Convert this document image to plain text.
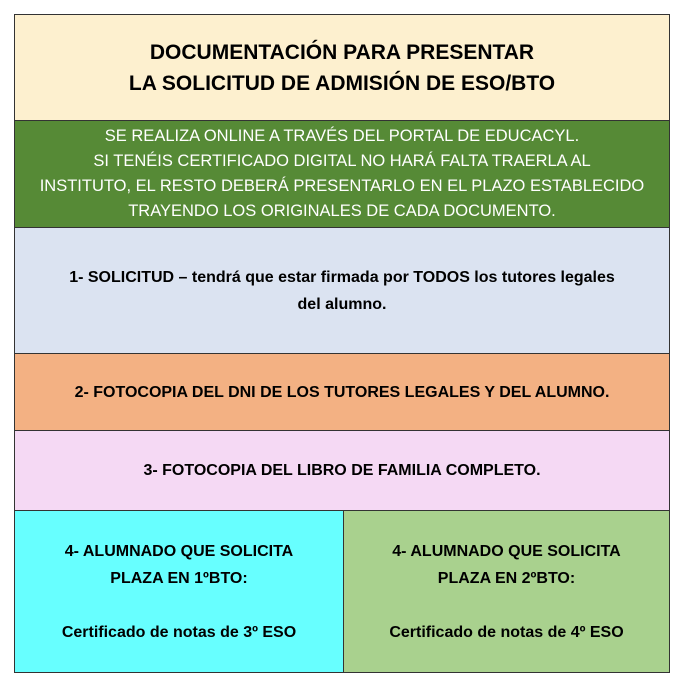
DOCUMENTACIÓN PARA PRESENTAR
LA SOLICITUD DE ADMISIÓN DE ESO/BTO
SE REALIZA ONLINE A TRAVÉS DEL PORTAL DE EDUCACYL.
SI TENÉIS CERTIFICADO DIGITAL NO HARÁ FALTA TRAERLA AL
INSTITUTO, EL RESTO DEBERÁ PRESENTARLO EN EL PLAZO ESTABLECIDO
TRAYENDO LOS ORIGINALES DE CADA DOCUMENTO.
1- SOLICITUD – tendrá que estar firmada por TODOS los tutores legales
del alumno.
2- FOTOCOPIA DEL DNI DE LOS TUTORES LEGALES Y DEL ALUMNO.
3- FOTOCOPIA DEL LIBRO DE FAMILIA COMPLETO.
4- ALUMNADO QUE SOLICITA
PLAZA EN 1ºBTO:
Certificado de notas de 3º ESO
4- ALUMNADO QUE SOLICITA
PLAZA EN 2ºBTO:
Certificado de notas de 4º ESO
